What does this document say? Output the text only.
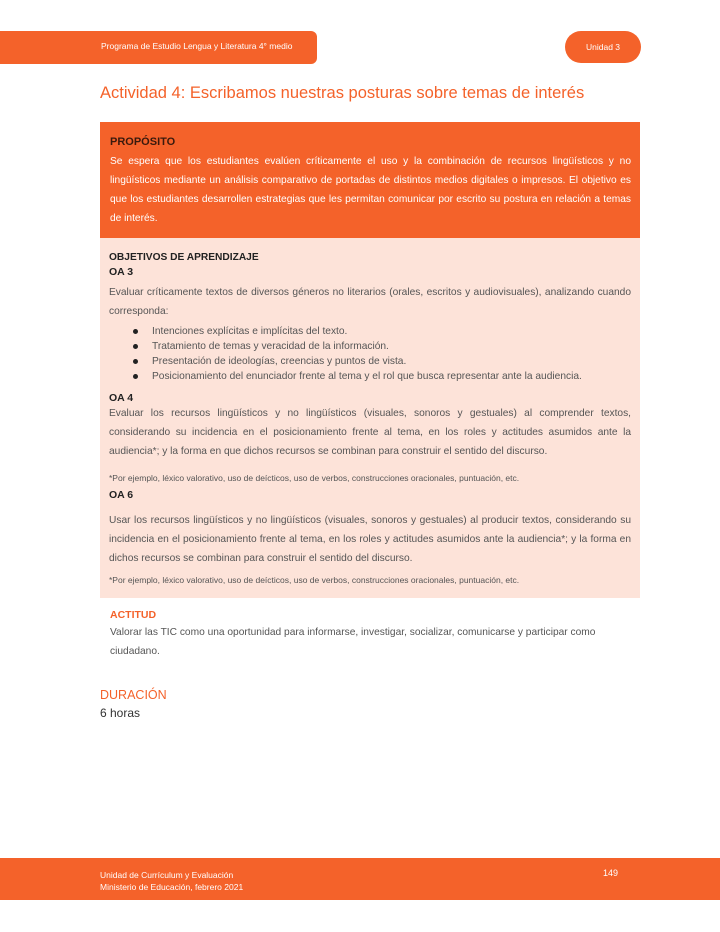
Programa de Estudio Lengua y Literatura 4° medio	Unidad 3
Actividad 4: Escribamos nuestras posturas sobre temas de interés
PROPÓSITO
Se espera que los estudiantes evalúen críticamente el uso y la combinación de recursos lingüísticos y no lingüísticos mediante un análisis comparativo de portadas de distintos medios digitales o impresos. El objetivo es que los estudiantes desarrollen estrategias que les permitan comunicar por escrito su postura en relación a temas de interés.
OBJETIVOS DE APRENDIZAJE
OA 3
Evaluar críticamente textos de diversos géneros no literarios (orales, escritos y audiovisuales), analizando cuando corresponda:
Intenciones explícitas e implícitas del texto.
Tratamiento de temas y veracidad de la información.
Presentación de ideologías, creencias y puntos de vista.
Posicionamiento del enunciador frente al tema y el rol que busca representar ante la audiencia.
OA 4
Evaluar los recursos lingüísticos y no lingüísticos (visuales, sonoros y gestuales) al comprender textos, considerando su incidencia en el posicionamiento frente al tema, en los roles y actitudes asumidos ante la audiencia*; y la forma en que dichos recursos se combinan para construir el sentido del discurso.
*Por ejemplo, léxico valorativo, uso de deícticos, uso de verbos, construcciones oracionales, puntuación, etc.
OA 6
Usar los recursos lingüísticos y no lingüísticos (visuales, sonoros y gestuales) al producir textos, considerando su incidencia en el posicionamiento frente al tema, en los roles y actitudes asumidos ante la audiencia*; y la forma en dichos recursos se combinan para construir el sentido del discurso.
*Por ejemplo, léxico valorativo, uso de deícticos, uso de verbos, construcciones oracionales, puntuación, etc.
ACTITUD
Valorar las TIC como una oportunidad para informarse, investigar, socializar, comunicarse y participar como ciudadano.
DURACIÓN
6 horas
Unidad de Currículum y Evaluación
Ministerio de Educación, febrero 2021
149
